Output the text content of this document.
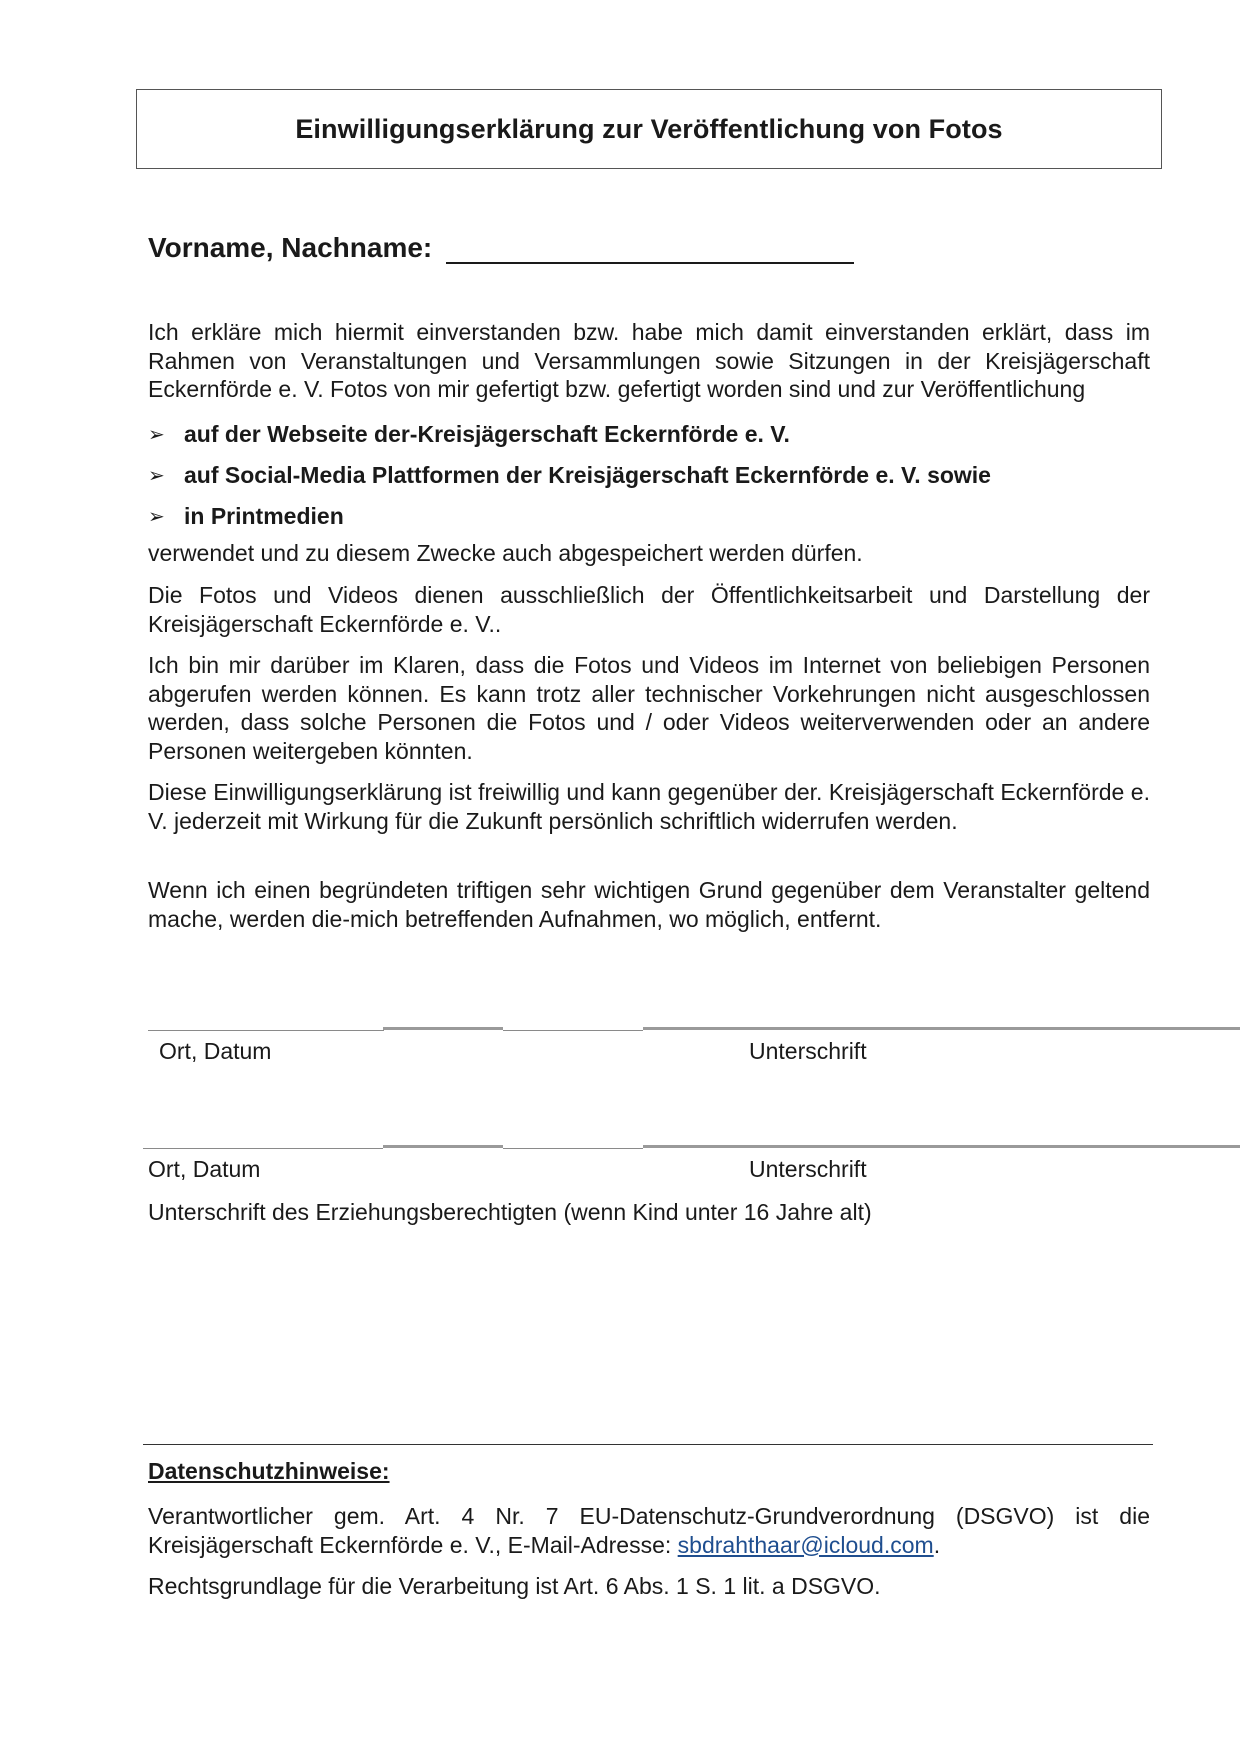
Einwilligungserklärung zur Veröffentlichung von Fotos
Vorname, Nachname:

Ich erkläre mich hiermit einverstanden bzw. habe mich damit einverstanden erklärt, dass im Rahmen von Veranstaltungen und Versammlungen sowie Sitzungen in der Kreisjägerschaft Eckernförde e. V. Fotos von mir gefertigt bzw. gefertigt worden sind und zur Veröffentlichung

➢ auf der Webseite der-Kreisjägerschaft Eckernförde e. V.
➢ auf Social-Media Plattformen der Kreisjägerschaft Eckernförde e. V. sowie
➢ in Printmedien

verwendet und zu diesem Zwecke auch abgespeichert werden dürfen.

Die Fotos und Videos dienen ausschließlich der Öffentlichkeitsarbeit und Darstellung der Kreisjägerschaft Eckernförde e. V..

Ich bin mir darüber im Klaren, dass die Fotos und Videos im Internet von beliebigen Personen abgerufen werden können. Es kann trotz aller technischer Vorkehrungen nicht ausgeschlossen werden, dass solche Personen die Fotos und / oder Videos weiterverwenden oder an andere Personen weitergeben könnten.

Diese Einwilligungserklärung ist freiwillig und kann gegenüber der. Kreisjägerschaft Eckernförde e. V. jederzeit mit Wirkung für die Zukunft persönlich schriftlich widerrufen werden.

Wenn ich einen begründeten triftigen sehr wichtigen Grund gegenüber dem Veranstalter geltend mache, werden die-mich betreffenden Aufnahmen, wo möglich, entfernt.

Ort, Datum	Unterschrift
Ort, Datum	Unterschrift
Unterschrift des Erziehungsberechtigten (wenn Kind unter 16 Jahre alt)
Datenschutzhinweise:

Verantwortlicher gem. Art. 4 Nr. 7 EU-Datenschutz-Grundverordnung (DSGVO) ist die Kreisjägerschaft Eckernförde e. V., E-Mail-Adresse: sbdrahthaar@icloud.com.

Rechtsgrundlage für die Verarbeitung ist Art. 6 Abs. 1 S. 1 lit. a DSGVO.
